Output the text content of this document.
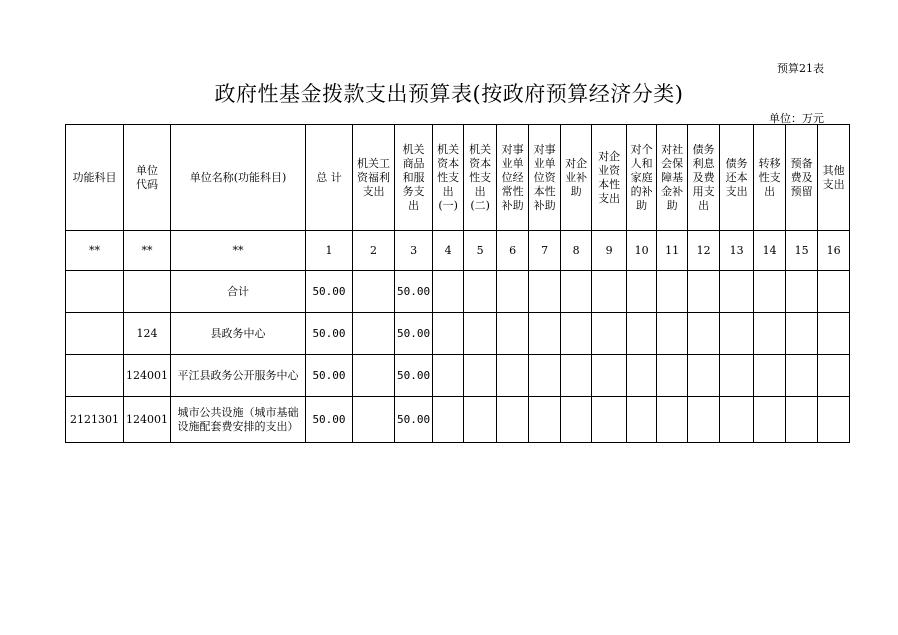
预算21表
政府性基金拨款支出预算表(按政府预算经济分类)
单位：万元
功能科目	单位代码	单位名称(功能科目)	总 计	机关工资福利支出	机关商品和服务支出	机关资本性支出(一)	机关资本性支出(二)	对事业单位经常性补助	对事业单位资本性补助	对企业补助	对企业资本性支出	对个人和家庭的补助	对社会保障基金补助	债务利息及费用支出	债务还本支出	转移性支出	预备费及预留	其他支出

**	**	**	1	2	3	4	5	6	7	8	9	10	11	12	13	14	15	16
		合计	50.00		50.00													
	124	县政务中心	50.00		50.00													
	124001	平江县政务公开服务中心	50.00		50.00													
2121301	124001	城市公共设施（城市基础设施配套费安排的支出）	50.00		50.00													
